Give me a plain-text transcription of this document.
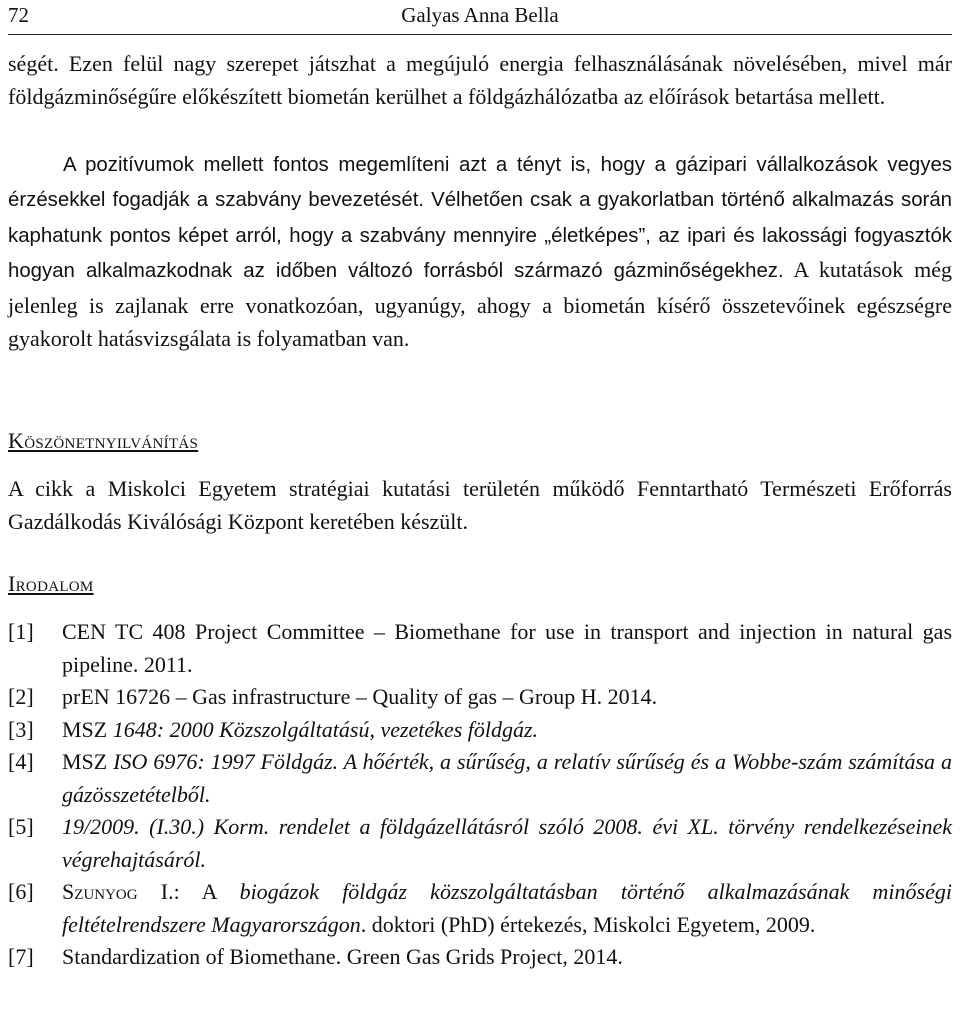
72	Galyas Anna Bella

ségét. Ezen felül nagy szerepet játszhat a megújuló energia felhasználásának növelésében, mivel már földgázminőségűre előkészített biometán kerülhet a földgázhálózatba az előírások betartása mellett.

A pozitívumok mellett fontos megemlíteni azt a tényt is, hogy a gázipari vállalkozások vegyes érzésekkel fogadják a szabvány bevezetését. Vélhetően csak a gyakorlatban történő alkalmazás során kaphatunk pontos képet arról, hogy a szabvány mennyire „életképes”, az ipari és lakossági fogyasztók hogyan alkalmazkodnak az időben változó forrásból származó gázminőségekhez. A kutatások még jelenleg is zajlanak erre vonatkozóan, ugyanúgy, ahogy a biometán kísérő összetevőinek egészségre gyakorolt hatásvizsgálata is folyamatban van.

Köszönetnyilvánítás

A cikk a Miskolci Egyetem stratégiai kutatási területén működő Fenntartható Természeti Erőforrás Gazdálkodás Kiválósági Központ keretében készült.

Irodalom
[1] CEN TC 408 Project Committee – Biomethane for use in transport and injection in natural gas pipeline. 2011.
[2] prEN 16726 – Gas infrastructure – Quality of gas – Group H. 2014.
[3] MSZ 1648: 2000 Közszolgáltatású, vezetékes földgáz.
[4] MSZ ISO 6976: 1997 Földgáz. A hőérték, a sűrűség, a relatív sűrűség és a Wobbe-szám számítása a gázösszetételből.
[5] 19/2009. (I.30.) Korm. rendelet a földgázellátásról szóló 2008. évi XL. törvény rendelkezéseinek végrehajtásáról.
[6] Szunyog I.: A biogázok földgáz közszolgáltatásban történő alkalmazásának minőségi feltételrendszere Magyarországon. doktori (PhD) értekezés, Miskolci Egyetem, 2009.
[7] Standardization of Biomethane. Green Gas Grids Project, 2014.
